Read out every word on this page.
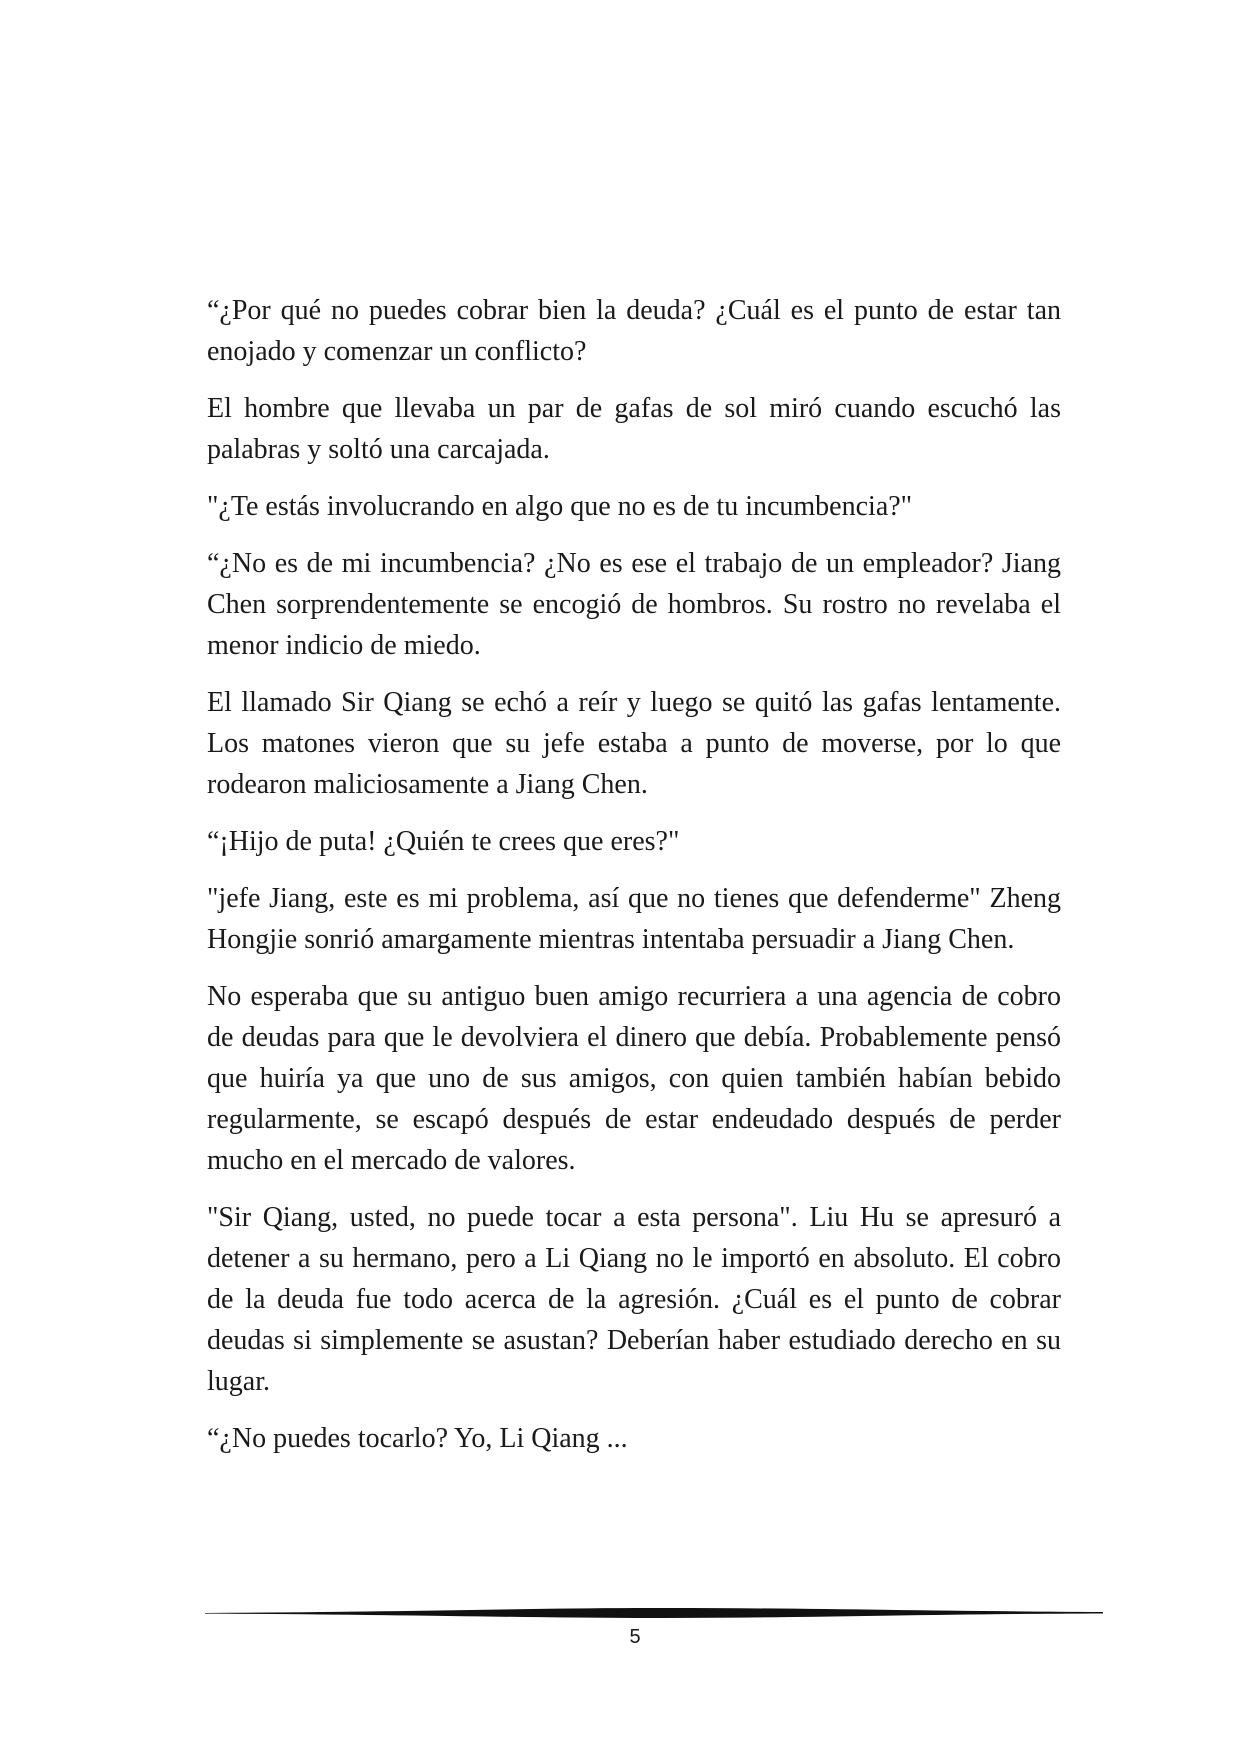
“¿Por qué no puedes cobrar bien la deuda? ¿Cuál es el punto de estar tan enojado y comenzar un conflicto?

El hombre que llevaba un par de gafas de sol miró cuando escuchó las palabras y soltó una carcajada.

"¿Te estás involucrando en algo que no es de tu incumbencia?"

“¿No es de mi incumbencia? ¿No es ese el trabajo de un empleador? Jiang Chen sorprendentemente se encogió de hombros. Su rostro no revelaba el menor indicio de miedo.

El llamado Sir Qiang se echó a reír y luego se quitó las gafas lentamente. Los matones vieron que su jefe estaba a punto de moverse, por lo que rodearon maliciosamente a Jiang Chen.

“¡Hijo de puta! ¿Quién te crees que eres?"

"jefe Jiang, este es mi problema, así que no tienes que defenderme" Zheng Hongjie sonrió amargamente mientras intentaba persuadir a Jiang Chen.

No esperaba que su antiguo buen amigo recurriera a una agencia de cobro de deudas para que le devolviera el dinero que debía. Probablemente pensó que huiría ya que uno de sus amigos, con quien también habían bebido regularmente, se escapó después de estar endeudado después de perder mucho en el mercado de valores.

"Sir Qiang, usted, no puede tocar a esta persona". Liu Hu se apresuró a detener a su hermano, pero a Li Qiang no le importó en absoluto. El cobro de la deuda fue todo acerca de la agresión. ¿Cuál es el punto de cobrar deudas si simplemente se asustan? Deberían haber estudiado derecho en su lugar.

“¿No puedes tocarlo? Yo, Li Qiang ...

5
